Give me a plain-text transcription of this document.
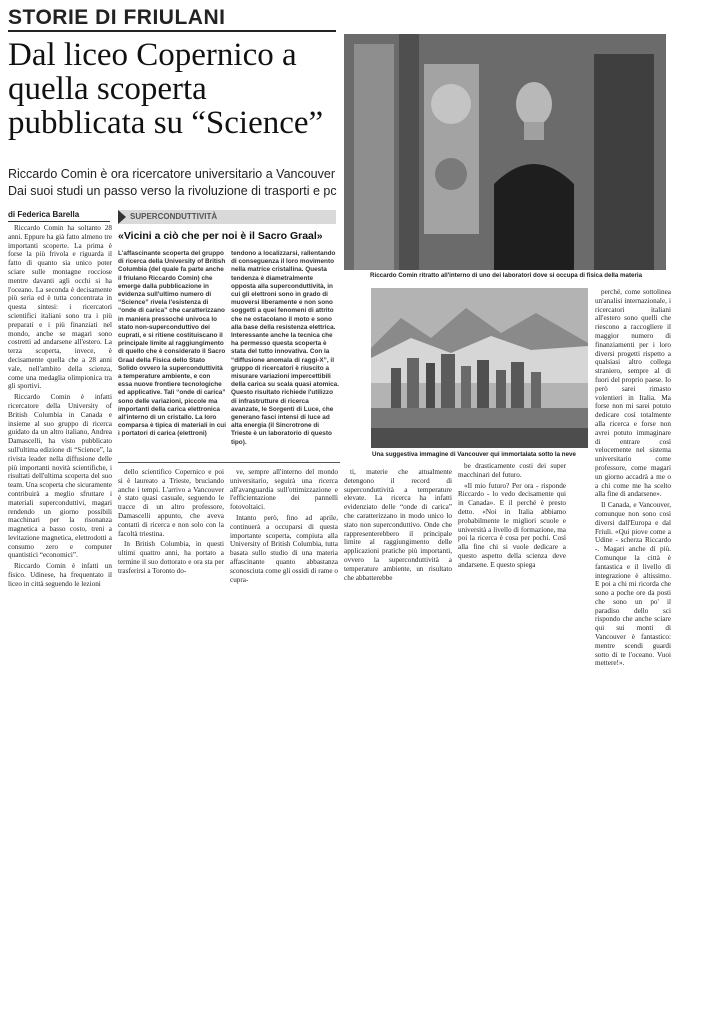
STORIE DI FRIULANI
Dal liceo Copernico a quella scoperta pubblicata su “Science”
Riccardo Comin è ora ricercatore universitario a Vancouver
Dai suoi studi un passo verso la rivoluzione di trasporti e pc
di Federica Barella

Riccardo Comin ha soltanto 28 anni. Eppure ha già fatto almeno tre importanti scoperte. La prima è forse la più frivola e riguarda il fatto di quanto sia unico poter sciare sulle montagne rocciose mentre davanti agli occhi si ha l'oceano. La seconda è decisamente più seria ed è tutta concentrata in questa sintesi: i ricercatori scientifici italiani sono tra i più preparati e i più finanziati nel mondo, anche se magari sono costretti ad andarsene all'estero. La terza scoperta, invece, è decisamente quella che a 28 anni vale, nell'ambito della scienza, come una medaglia olimpionica tra gli sportivi.

Riccardo Comin è infatti ricercatore della University of British Columbia in Canada e insieme al suo gruppo di ricerca guidato da un altro italiano, Andrea Damascelli, ha visto pubblicato sull'ultima edizione di “Science”, la rivista leader nella diffusione delle più importanti novità scientifiche, i risultati dell'ultima scoperta del suo team. Una scoperta che sicuramente contribuirà a meglio sfruttare i materiali superconduttivi, magari rendendo un giorno possibili macchinari per la risonanza magnetica a basso costo, treni a levitazione magnetica, elettrodotti a consumo zero e computer quantistici “economici”.

Riccardo Comin è infatti un fisico. Udinese, ha frequentato il liceo in città seguendo le lezioni

SUPERCONDUTTIVITÀ
«Vicini a ciò che per noi è il Sacro Graal»
L'affascinante scoperta del gruppo di ricerca della University of British Columbia (del quale fa parte anche il friulano Riccardo Comin) che emerge dalla pubblicazione in evidenza sull'ultimo numero di “Science” rivela l'esistenza di “onde di carica” che caratterizzano in maniera pressoché univoca lo stato non-superconduttivo dei cuprati, e si ritiene costituiscano il principale limite al raggiungimento di quello che è considerato il Sacro Graal della Fisica dello Stato Solido ovvero la superconduttività a temperature ambiente, e con essa nuove frontiere tecnologiche ed applicative. Tali “onde di carica” sono delle variazioni, piccole ma importanti della carica elettronica all'interno di un cristallo. La loro comparsa è tipica di materiali in cui i portatori di carica (elettroni)
tendono a localizzarsi, rallentando di conseguenza il loro movimento nella matrice cristallina. Questa tendenza è diametralmente opposta alla superconduttività, in cui gli elettroni sono in grado di muoversi liberamente e non sono soggetti a quei fenomeni di attrito che ne ostacolano il moto e sono alla base della resistenza elettrica. Interessante anche la tecnica che ha permesso questa scoperta è stata del tutto innovativa. Con la “diffusione anomala di raggi-X”, il gruppo di ricercatori è riuscito a misurare variazioni impercettibili della carica su scala quasi atomica. Questo risultato richiede l'utilizzo di infrastrutture di ricerca avanzate, le Sorgenti di Luce, che generano fasci intensi di luce ad alta energia (il Sincrotrone di Trieste è un laboratorio di questo tipo).

dello scientifico Copernico e poi si è laureato a Trieste, bruciando anche i tempi. L'arrivo a Vancouver è stato quasi casuale, seguendo le tracce di un altro professore, Damascelli appunto, che aveva contatti di ricerca e non solo con la facoltà triestina.

In British Columbia, in questi ultimi quattro anni, ha portato a termine il suo dottorato e ora sta per trasferirsi a Toronto do-

ve, sempre all'interno del mondo universitario, seguirà una ricerca all'avanguardia sull'ottimizzazione e l'efficientazione dei pannelli fotovoltaici.

Intanto però, fino ad aprile, continuerà a occuparsi di questa importante scoperta, compiuta alla University of British Columbia, tutta basata sullo studio di una materia affascinante quanto abbastanza sconosciuta come gli ossidi di rame o cupra-

Riccardo Comin ritratto all'interno di uno dei laboratori dove si occupa di fisica della materia
Una suggestiva immagine di Vancouver qui immortalata sotto la neve

ti, materie che attualmente detengono il record di superconduttività a temperature elevate. La ricerca ha infatti evidenziato delle “onde di carica” che caratterizzano in modo unico lo stato non superconduttivo. Onde che rappresenterebbero il principale limite al raggiungimento delle applicazioni pratiche più importanti, ovvero la superconduttività a temperature ambiente, un risultato che abbatterebbe

be drasticamente costi dei super macchinari del futuro.

«Il mio futuro? Per ora - risponde Riccardo - lo vedo decisamente qui in Canada». E il perché è presto detto. «Noi in Italia abbiamo probabilmente le migliori scuole e università a livello di formazione, ma poi la ricerca è cosa per pochi. Così alla fine chi si vuole dedicare a questo aspetto della scienza deve andarsene. E questo spiega

perché, come sottolinea un'analisi internazionale, i ricercatori italiani all'estero sono quelli che riescono a raccogliere il maggior numero di finanziamenti per i loro diversi progetti rispetto a qualsiasi altro collega straniero, sempre al di fuori del proprio paese. Io però sarei rimasto volentieri in Italia. Ma forse non mi sarei potuto dedicare così totalmente alla ricerca e forse non avrei potuto immaginare di entrare così velocemente nel sistema universitario come professore, come magari un giorno accadrà a me o a chi come me ha scelto alla fine di andarsene».

Il Canada, e Vancouver, comunque non sono così diversi dall'Europa e dal Friuli. «Qui piove come a Udine - scherza Riccardo -. Magari anche di più. Comunque la città è fantastica e il livello di integrazione è altissimo. E poi a chi mi ricorda che sono a poche ore da posti che sono un po' il paradiso dello sci rispondo che anche sciare qui sui monti di Vancouver è fantastico: mentre scendi guardi sotto di te l'oceano. Vuoi mettere!».
